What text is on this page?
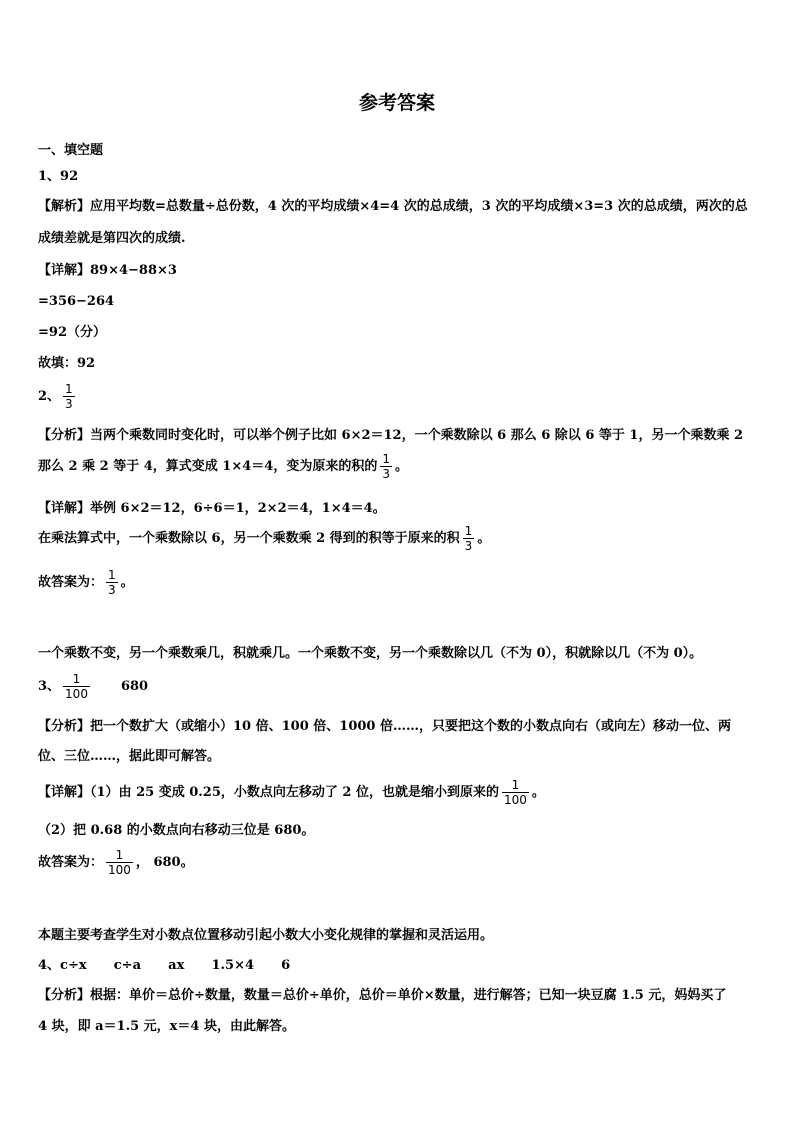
参考答案
一、填空题
1、92
【解析】应用平均数=总数量÷总份数，4 次的平均成绩×4=4 次的总成绩，3 次的平均成绩×3=3 次的总成绩，两次的总
成绩差就是第四次的成绩.
【详解】89×4−88×3
=356−264
=92（分）
故填：92
2、 $\frac{1}{3}$
【分析】当两个乘数同时变化时，可以举个例子比如 6×2＝12，一个乘数除以 6 那么 6 除以 6 等于 1，另一个乘数乘 2
那么 2 乘 2 等于 4，算式变成 1×4＝4，变为原来的积的 $\frac{1}{3}$ 。
【详解】举例 6×2＝12，6÷6＝1，2×2＝4，1×4＝4。
在乘法算式中，一个乘数除以 6，另一个乘数乘 2 得到的积等于原来的积 $\frac{1}{3}$ 。
故答案为： $\frac{1}{3}$ 。
一个乘数不变，另一个乘数乘几，积就乘几。一个乘数不变，另一个乘数除以几（不为 0），积就除以几（不为 0）。
3、 $\frac{1}{100} 680$
【分析】把一个数扩大（或缩小）10 倍、100 倍、1000 倍……，只要把这个数的小数点向右（或向左）移动一位、两
位、三位……，据此即可解答。
【详解】（1）由 25 变成 0.25，小数点向左移动了 2 位，也就是缩小到原来的 $\frac{1}{100}$ 。
（2）把 0.68 的小数点向右移动三位是 680。
故答案为： $\frac{1}{100}$ ， 680。
本题主要考查学生对小数点位置移动引起小数大小变化规律的掌握和灵活运用。
4、c÷x      c÷a      ax      1.5×4      6
【分析】根据：单价＝总价÷数量，数量＝总价÷单价，总价＝单价×数量，进行解答；已知一块豆腐 1.5 元，妈妈买了
4 块，即 a＝1.5 元，x＝4 块，由此解答。
